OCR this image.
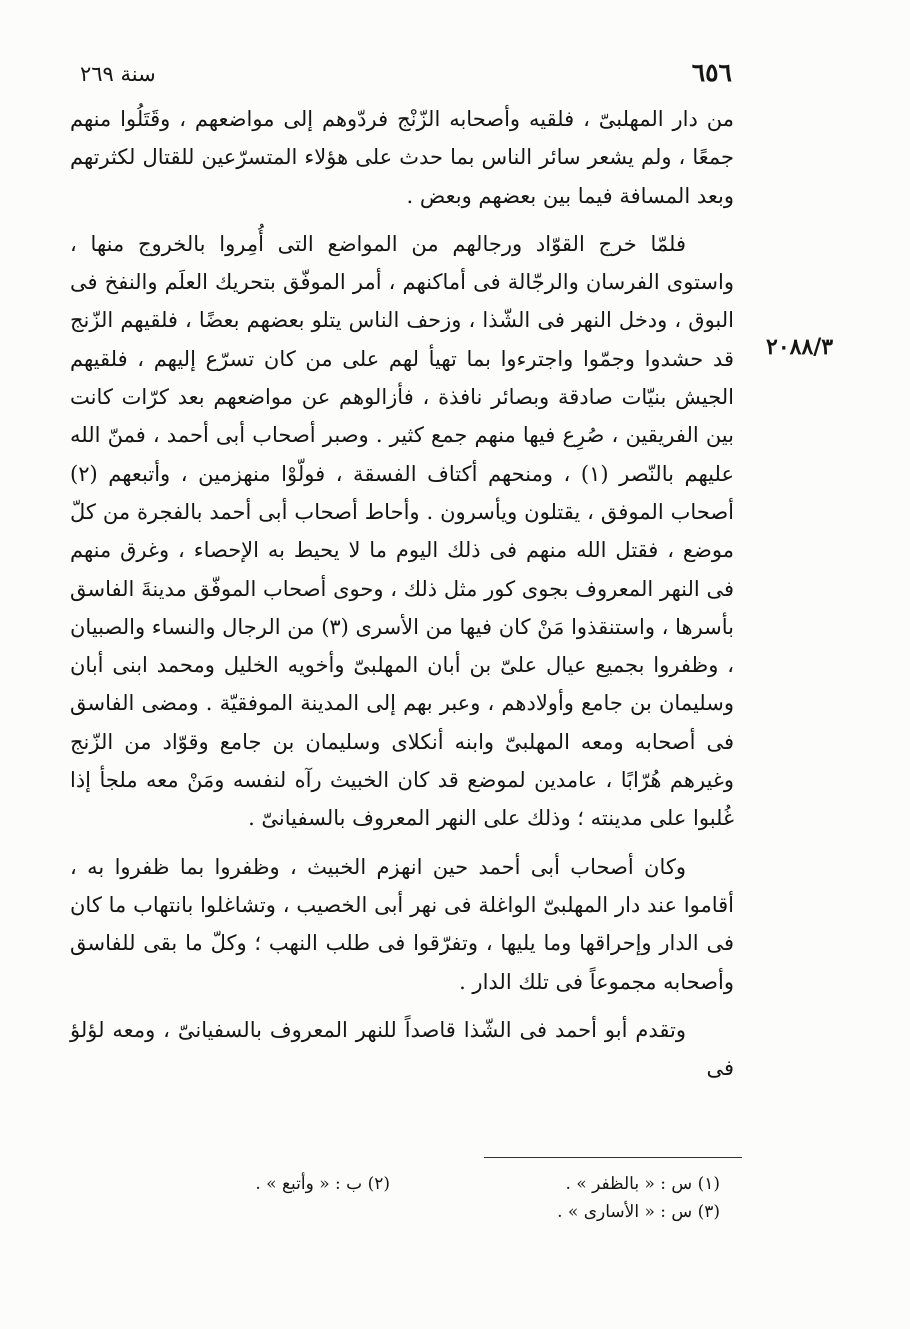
٦٥٦
سنة ٢٦٩
٢٠٨٨/٣

من دار المهلبىّ ، فلقيه وأصحابه الزّنْج فردّوهم إلى مواضعهم ، وقَتَلُوا منهم جمعًا ، ولم يشعر سائر الناس بما حدث على هؤلاء المتسرّعين للقتال لكثرتهم وبعد المسافة فيما بين بعضهم وبعض .

فلمّا خرج القوّاد ورجالهم من المواضع التى أُمِروا بالخروج منها ، واستوى الفرسان والرجّالة فى أماكنهم ، أمر الموفّق بتحريك العلَم والنفخ فى البوق ، ودخل النهر فى الشّذا ، وزحف الناس يتلو بعضهم بعضًا ، فلقيهم الزّنج قد حشدوا وجمّوا واجترءوا بما تهيأ لهم على من كان تسرّع إليهم ، فلقيهم الجيش بنيّات صادقة وبصائر نافذة ، فأزالوهم عن مواضعهم بعد كرّات كانت بين الفريقين ، صُرِع فيها منهم جمع كثير . وصبر أصحاب أبى أحمد ، فمنّ الله عليهم بالنّصر (١) ، ومنحهم أكتاف الفسقة ، فولّوْا منهزمين ، وأتبعهم (٢) أصحاب الموفق ، يقتلون ويأسرون . وأحاط أصحاب أبى أحمد بالفجرة من كلّ موضع ، فقتل الله منهم فى ذلك اليوم ما لا يحيط به الإحصاء ، وغرق منهم فى النهر المعروف بجوى كور مثل ذلك ، وحوى أصحاب الموفّق مدينةَ الفاسق بأسرها ، واستنقذوا مَنْ كان فيها من الأسرى (٣) من الرجال والنساء والصبيان ، وظفروا بجميع عيال علىّ بن أبان المهلبىّ وأخويه الخليل ومحمد ابنى أبان وسليمان بن جامع وأولادهم ، وعبر بهم إلى المدينة الموفقيّة . ومضى الفاسق فى أصحابه ومعه المهلبىّ وابنه أنكلاى وسليمان بن جامع وقوّاد من الزّنج وغيرهم هُرّابًا ، عامدين لموضع قد كان الخبيث رآه لنفسه ومَنْ معه ملجأ إذا غُلبوا على مدينته ؛ وذلك على النهر المعروف بالسفيانىّ .

وكان أصحاب أبى أحمد حين انهزم الخبيث ، وظفروا بما ظفروا به ، أقاموا عند دار المهلبىّ الواغلة فى نهر أبى الخصيب ، وتشاغلوا بانتهاب ما كان فى الدار وإحراقها وما يليها ، وتفرّقوا فى طلب النهب ؛ وكلّ ما بقى للفاسق وأصحابه مجموعاً فى تلك الدار .

وتقدم أبو أحمد فى الشّذا قاصداً للنهر المعروف بالسفيانىّ ، ومعه لؤلؤ فى

(١) س : « بالظفر » .
(٢) ب : « وأتبع » .
(٣) س : « الأسارى » .
